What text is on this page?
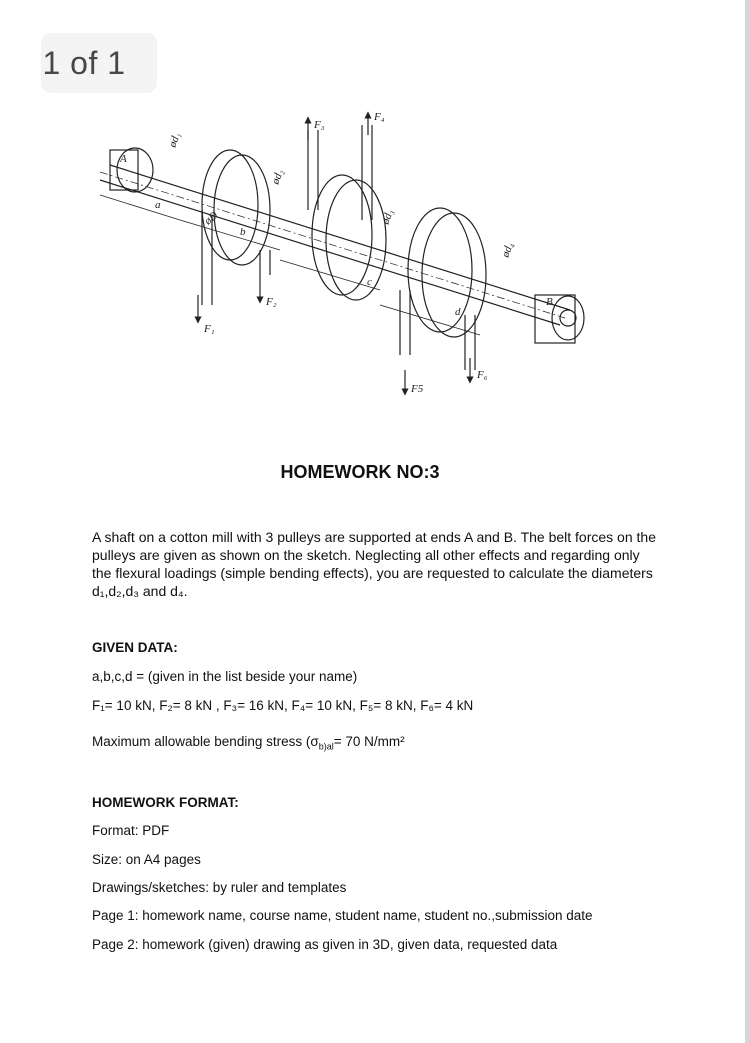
1 of 1
A
B
F₁
F₂
F₃
F₄
F5
F₆
a
b
c
d
ød₁
ød₂
ød₃
ød₄
øD
HOMEWORK NO:3
A shaft on a cotton mill with 3 pulleys are supported at ends A and B. The belt forces on the pulleys are given as shown on the sketch. Neglecting all other effects and regarding only the flexural loadings (simple bending effects), you are requested to calculate the diameters d₁,d₂,d₃ and d₄.
GIVEN DATA:
a,b,c,d = (given in the list beside your name)
F₁= 10 kN, F₂= 8 kN , F₃= 16 kN, F₄= 10 kN, F₅= 8 kN, F₆= 4 kN
Maximum allowable bending stress ($\sigma_{b)al}= 70$ N/mm²
HOMEWORK FORMAT:
Format: PDF
Size: on A4 pages
Drawings/sketches: by ruler and templates
Page 1: homework name, course name, student name, student no.,submission date
Page 2: homework (given) drawing as given in 3D, given data, requested data
